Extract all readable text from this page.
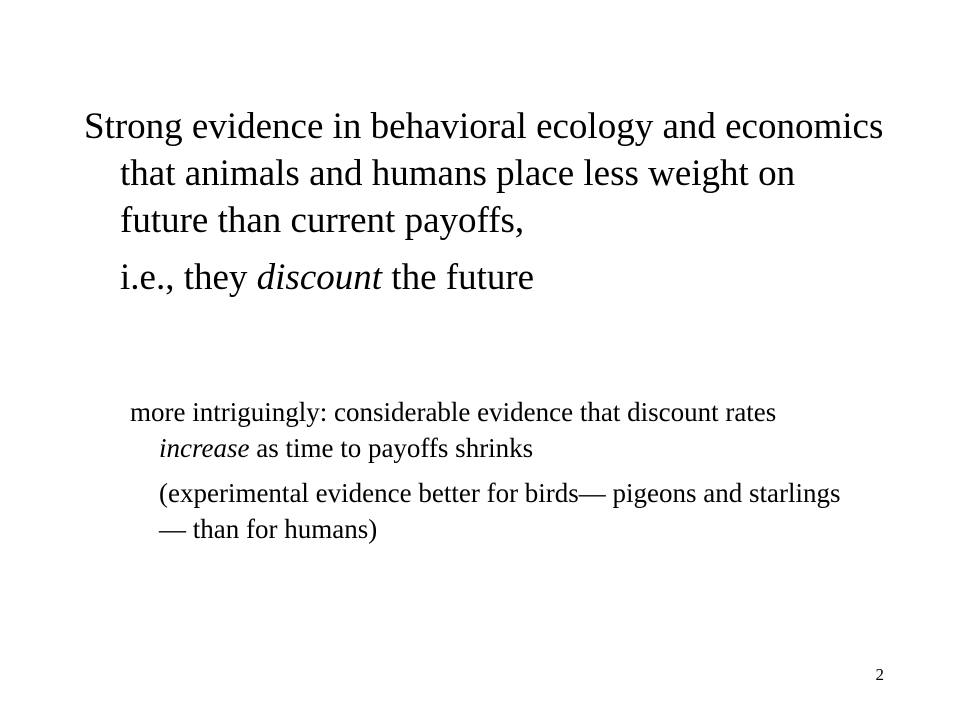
Strong evidence in behavioral ecology and economics that animals and humans place less weight on future than current payoffs,

i.e., they discount the future

more intriguingly: considerable evidence that discount rates increase as time to payoffs shrinks

(experimental evidence better for birds— pigeons and starlings— than for humans)

2
